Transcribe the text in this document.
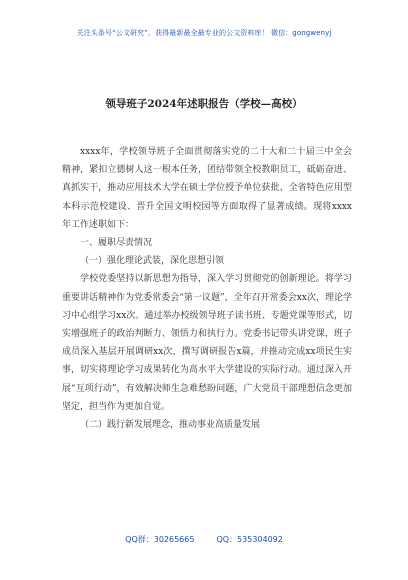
关注头条号“公文研究”，获得最新最全最专业的公文资料库！ 微信：gongwenyj
领导班子2024年述职报告（学校—高校）

xxxx年，学校领导班子全面贯彻落实党的二十大和二十届三中全会精神，紧扣立德树人这一根本任务，团结带领全校教职员工，砥砺奋进、真抓实干，推动应用技术大学在硕士学位授予单位获批、全省特色应用型本科示范校建设、晋升全国文明校园等方面取得了显著成绩。现将xxxx年工作述职如下：

一、履职尽责情况

（一）强化理论武装，深化思想引领

学校党委坚持以新思想为指导，深入学习贯彻党的创新理论。将学习重要讲话精神作为党委常委会“第一议题”，全年召开常委会xx次，理论学习中心组学习xx次。通过举办校级领导班子读书班、专题党课等形式，切实增强班子的政治判断力、领悟力和执行力。党委书记带头讲党课，班子成员深入基层开展调研xx次，撰写调研报告x篇，并推动完成xx项民生实事，切实将理论学习成果转化为高水平大学建设的实际行动。通过深入开展“互项行动”，有效解决师生急难愁盼问题，广大党员干部理想信念更加坚定，担当作为更加自觉。

（二）践行新发展理念，推动事业高质量发展

QQ群：30265665	QQ：535304092
